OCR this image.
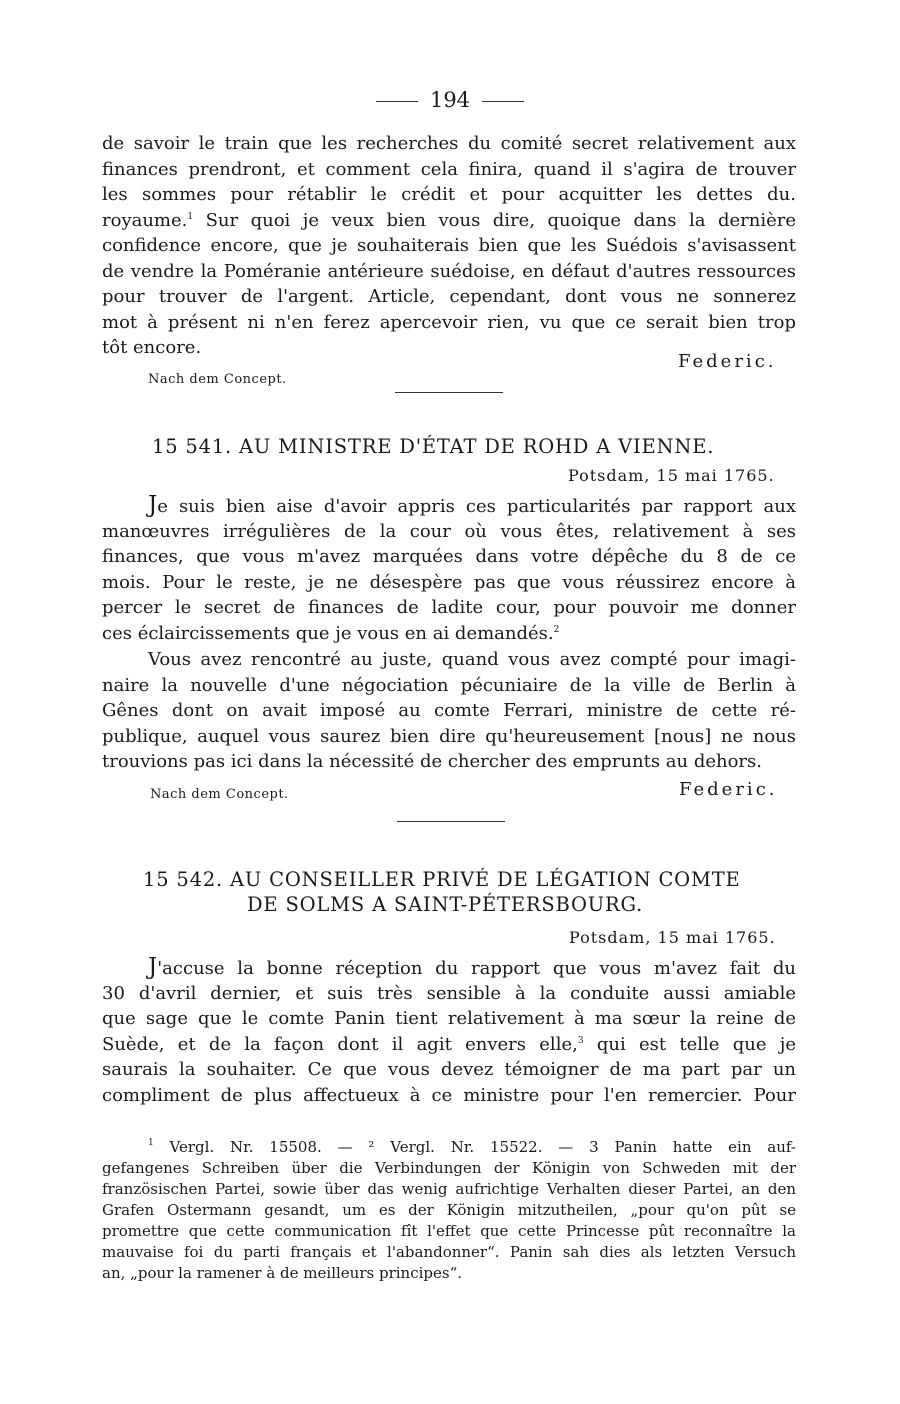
194
de savoir le train que les recherches du comité secret relativement aux
finances prendront, et comment cela finira, quand il s'agira de trouver
les sommes pour rétablir le crédit et pour acquitter les dettes du.
royaume.$^1$ Sur quoi je veux bien vous dire, quoique dans la dernière
confidence encore, que je souhaiterais bien que les Suédois s'avisassent
de vendre la Poméranie antérieure suédoise, en défaut d'autres ressources
pour trouver de l'argent. Article, cependant, dont vous ne sonnerez
mot à présent ni n'en ferez apercevoir rien, vu que ce serait bien trop
tôt encore.
Federic.
Nach dem Concept.
15 541. AU MINISTRE D'ÉTAT DE ROHD A VIENNE.
Potsdam, 15 mai 1765.
Je suis bien aise d'avoir appris ces particularités par rapport aux
manœuvres irrégulières de la cour où vous êtes, relativement à ses
finances, que vous m'avez marquées dans votre dépêche du 8 de ce
mois. Pour le reste, je ne désespère pas que vous réussirez encore à
percer le secret de finances de ladite cour, pour pouvoir me donner
ces éclaircissements que je vous en ai demandés.$^2$
Vous avez rencontré au juste, quand vous avez compté pour imagi-
naire la nouvelle d'une négociation pécuniaire de la ville de Berlin à
Gênes dont on avait imposé au comte Ferrari, ministre de cette ré-
publique, auquel vous saurez bien dire qu'heureusement [nous] ne nous
trouvions pas ici dans la nécessité de chercher des emprunts au dehors.
Nach dem Concept.	Federic.
15 542. AU CONSEILLER PRIVÉ DE LÉGATION COMTE
DE SOLMS A SAINT-PÉTERSBOURG.
Potsdam, 15 mai 1765.
J'accuse la bonne réception du rapport que vous m'avez fait du
30 d'avril dernier, et suis très sensible à la conduite aussi amiable
que sage que le comte Panin tient relativement à ma sœur la reine de
Suède, et de la façon dont il agit envers elle,$^3$ qui est telle que je
saurais la souhaiter. Ce que vous devez témoigner de ma part par un
compliment de plus affectueux à ce ministre pour l'en remercier. Pour
$^1$ Vergl. Nr. 15508. — ² Vergl. Nr. 15522. — 3 Panin hatte ein auf-
gefangenes Schreiben über die Verbindungen der Königin von Schweden mit der
französischen Partei, sowie über das wenig aufrichtige Verhalten dieser Partei, an den
Grafen Ostermann gesandt, um es der Königin mitzutheilen, „pour qu'on pût se
promettre que cette communication fît l'effet que cette Princesse pût reconnaître la
mauvaise foi du parti français et l'abandonner“. Panin sah dies als letzten Versuch
an, „pour la ramener à de meilleurs principes“.
